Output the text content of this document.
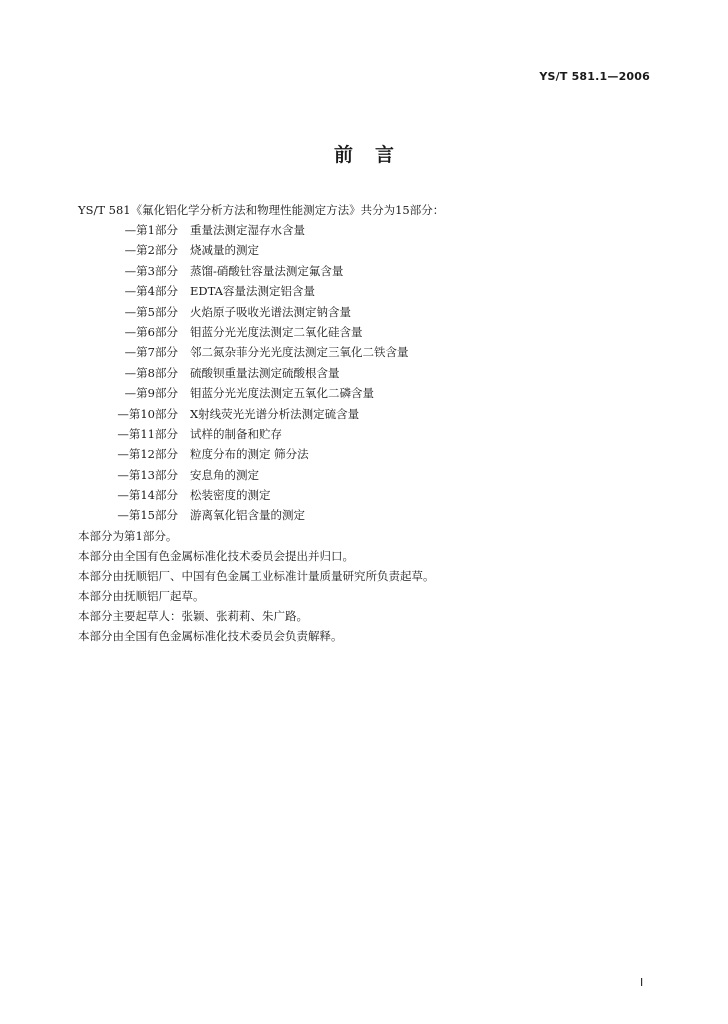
YS/T 581.1—2006
前言
YS/T 581《氟化铝化学分析方法和物理性能测定方法》共分为15部分：
—第1部分	重量法测定湿存水含量
—第2部分	烧减量的测定
—第3部分	蒸馏-硝酸钍容量法测定氟含量
—第4部分	EDTA容量法测定铝含量
—第5部分	火焰原子吸收光谱法测定钠含量
—第6部分	钼蓝分光光度法测定二氧化硅含量
—第7部分	邻二氮杂菲分光光度法测定三氧化二铁含量
—第8部分	硫酸钡重量法测定硫酸根含量
—第9部分	钼蓝分光光度法测定五氧化二磷含量
—第10部分	X射线荧光光谱分析法测定硫含量
—第11部分	试样的制备和贮存
—第12部分	粒度分布的测定 筛分法
—第13部分	安息角的测定
—第14部分	松装密度的测定
—第15部分	游离氧化铝含量的测定
本部分为第1部分。
本部分由全国有色金属标准化技术委员会提出并归口。
本部分由抚顺铝厂、中国有色金属工业标准计量质量研究所负责起草。
本部分由抚顺铝厂起草。
本部分主要起草人：张颖、张莉莉、朱广路。
本部分由全国有色金属标准化技术委员会负责解释。
I
